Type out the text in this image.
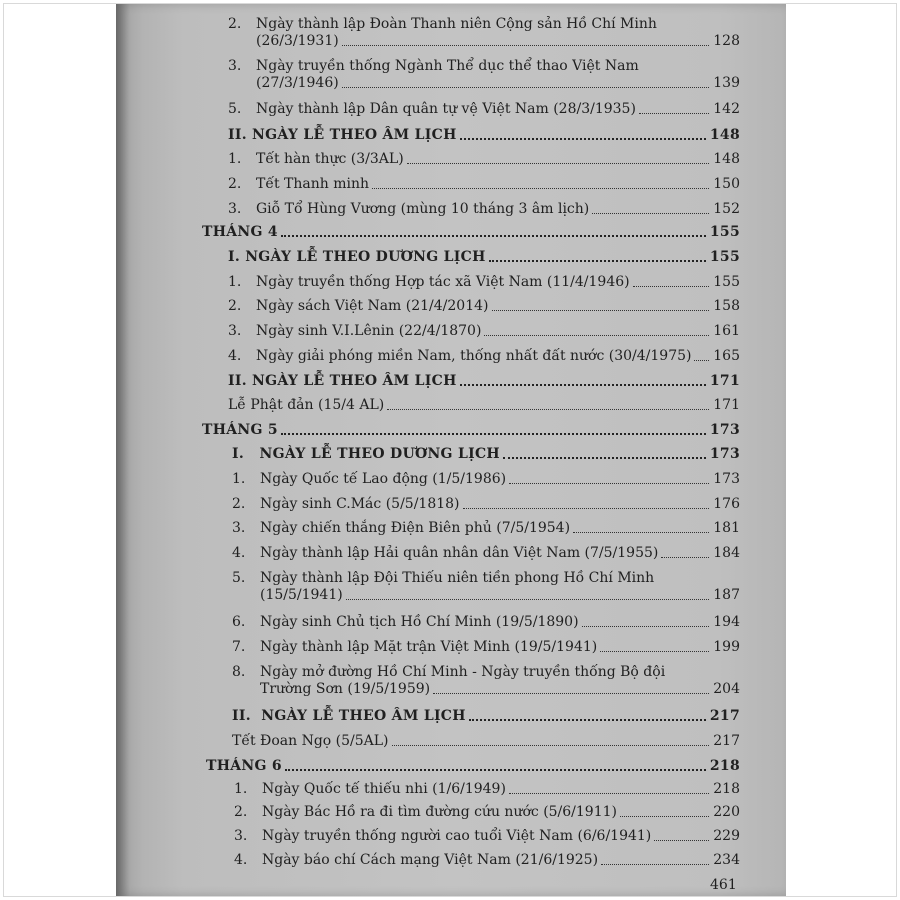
2.	Ngày thành lập Đoàn Thanh niên Cộng sản Hồ Chí Minh
(26/3/1931)	128
3.	Ngày truyền thống Ngành Thể dục thể thao Việt Nam
(27/3/1946)	139
5.	Ngày thành lập Dân quân tự vệ Việt Nam (28/3/1935)	142
II. NGÀY LỄ THEO ÂM LỊCH	148
1.	Tết hàn thực (3/3AL)	148
2.	Tết Thanh minh	150
3.	Giỗ Tổ Hùng Vương (mùng 10 tháng 3 âm lịch)	152
THÁNG 4	155
I. NGÀY LỄ THEO DƯƠNG LỊCH	155
1.	Ngày truyền thống Hợp tác xã Việt Nam (11/4/1946)	155
2.	Ngày sách Việt Nam (21/4/2014)	158
3.	Ngày sinh V.I.Lênin (22/4/1870)	161
4.	Ngày giải phóng miền Nam, thống nhất đất nước (30/4/1975) 165
II. NGÀY LỄ THEO ÂM LỊCH	171
Lễ Phật đản (15/4 AL)	171
THÁNG 5	173
I.   NGÀY LỄ THEO DƯƠNG LỊCH	173
1.	Ngày Quốc tế Lao động (1/5/1986)	173
2.	Ngày sinh C.Mác (5/5/1818)	176
3.	Ngày chiến thắng Điện Biên phủ (7/5/1954)	181
4.	Ngày thành lập Hải quân nhân dân Việt Nam (7/5/1955)	184
5.	Ngày thành lập Đội Thiếu niên tiền phong Hồ Chí Minh
(15/5/1941)	187
6.	Ngày sinh Chủ tịch Hồ Chí Minh (19/5/1890)	194
7.	Ngày thành lập Mặt trận Việt Minh (19/5/1941)	199
8.	Ngày mở đường Hồ Chí Minh - Ngày truyền thống Bộ đội
Trường Sơn (19/5/1959)	204
II.  NGÀY LỄ THEO ÂM LỊCH	217
Tết Đoan Ngọ (5/5AL)	217
THÁNG 6	218
1.	Ngày Quốc tế thiếu nhi (1/6/1949)	218
2.	Ngày Bác Hồ ra đi tìm đường cứu nước (5/6/1911)	220
3.	Ngày truyền thống người cao tuổi Việt Nam (6/6/1941)	229
4.	Ngày báo chí Cách mạng Việt Nam (21/6/1925)	234
461
